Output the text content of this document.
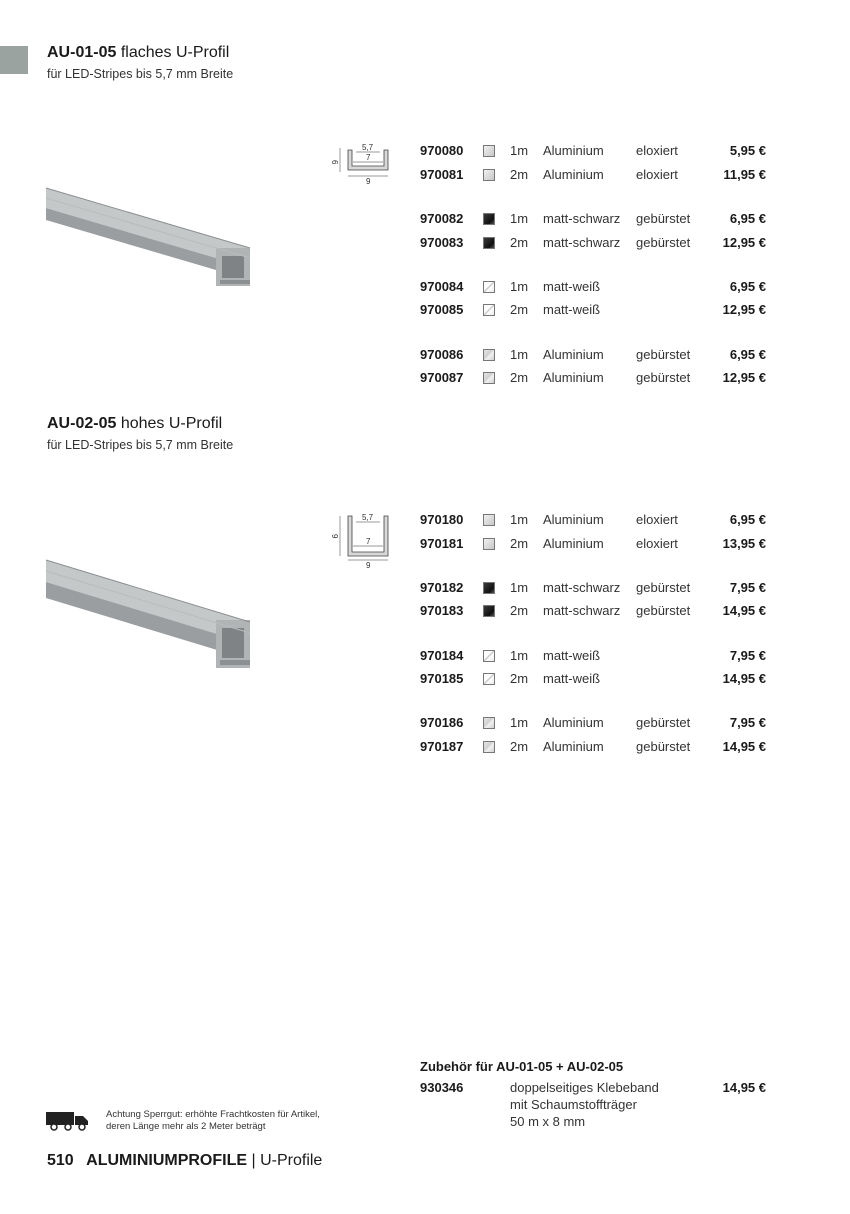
AU-01-05 flaches U-Profil
für LED-Stripes bis 5,7 mm Breite
6
5,7
7
9
970080	1m Aluminium eloxiert	5,95 €
970081	2m Aluminium eloxiert	11,95 €
970082	1m matt-schwarz gebürstet	6,95 €
970083	2m matt-schwarz gebürstet 12,95 €
970084	1m matt-weiß	6,95 €
970085	2m matt-weiß	12,95 €
970086	1m Aluminium gebürstet	6,95 €
970087	2m Aluminium gebürstet 12,95 €
AU-02-05 hohes U-Profil
für LED-Stripes bis 5,7 mm Breite
9
5,7
7
9
970180	1m Aluminium eloxiert	6,95 €
970181	2m Aluminium eloxiert	13,95 €
970182	1m matt-schwarz gebürstet	7,95 €
970183	2m matt-schwarz gebürstet 14,95 €
970184	1m matt-weiß	7,95 €
970185	2m matt-weiß	14,95 €
970186	1m Aluminium gebürstet	7,95 €
970187	2m Aluminium gebürstet 14,95 €
Zubehör für AU-01-05 + AU-02-05
930346	doppelseitiges Klebeband
mit Schaumstoffträger
50 m x 8 mm
14,95 €
Achtung Sperrgut: erhöhte Frachtkosten für Artikel,
deren Länge mehr als 2 Meter beträgt
510 ALUMINIUMPROFILE | U-Profile
